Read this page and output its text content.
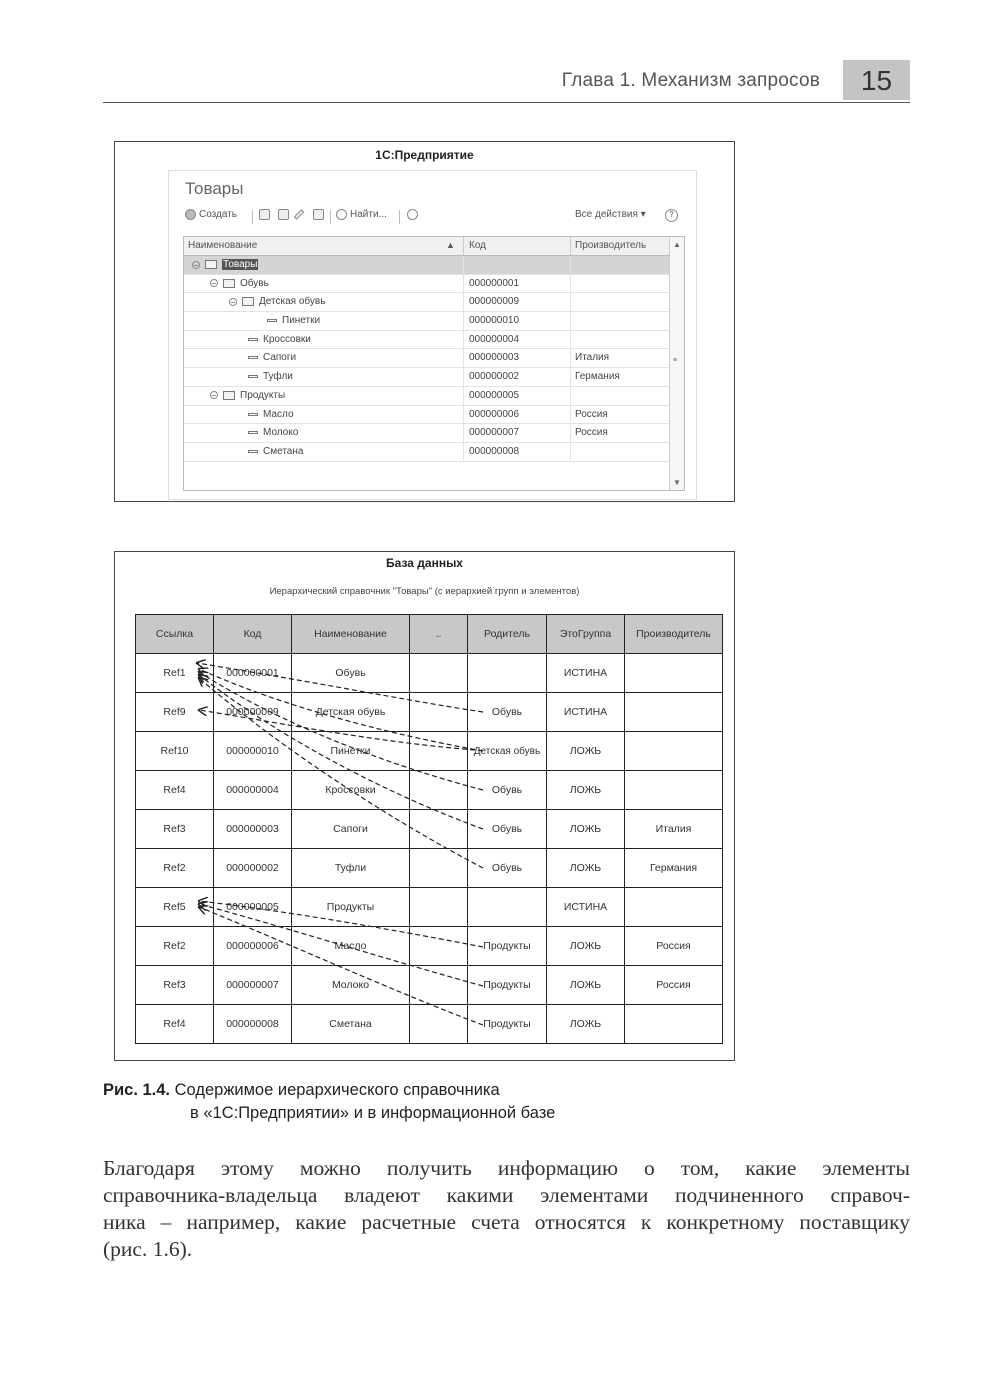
Глава 1. Механизм запросов	15
1С:Предприятие
Товары
Создать	Найти...	Все действия ▾	?
Наименование	▲ Код	Производитель
− Товары
− Обувь	000000001
− Детская обувь	000000009
Пинетки	000000010
Кроссовки	000000004
Сапоги	000000003	Италия
Туфли	000000002	Германия
− Продукты	000000005
Масло	000000006	Россия
Молоко	000000007	Россия
Сметана	000000008
▲
≡
▼
База данных
Иерархический справочник "Товары" (с иерархией групп и элементов)
Ссылка	Код	Наименование	..	Родитель	ЭтоГруппа	Производитель
Ref1	000000001	Обувь			ИСТИНА	
Ref9	000000009	Детская обувь		Обувь	ИСТИНА	
Ref10	000000010	Пинетки		Детская обувь	ЛОЖЬ	
Ref4	000000004	Кроссовки		Обувь	ЛОЖЬ	
Ref3	000000003	Сапоги		Обувь	ЛОЖЬ	Италия
Ref2	000000002	Туфли		Обувь	ЛОЖЬ	Германия
Ref5	000000005	Продукты			ИСТИНА	
Ref2	000000006	Масло		Продукты	ЛОЖЬ	Россия
Ref3	000000007	Молоко		Продукты	ЛОЖЬ	Россия
Ref4	000000008	Сметана		Продукты	ЛОЖЬ	
Рис. 1.4. Содержимое иерархического справочника
в «1С:Предприятии» и в информационной базе
Благодаря этому можно получить информацию о том, какие элементы
справочника-владельца владеют какими элементами подчиненного справоч-
ника – например, какие расчетные счета относятся к конкретному поставщику
(рис. 1.6).
